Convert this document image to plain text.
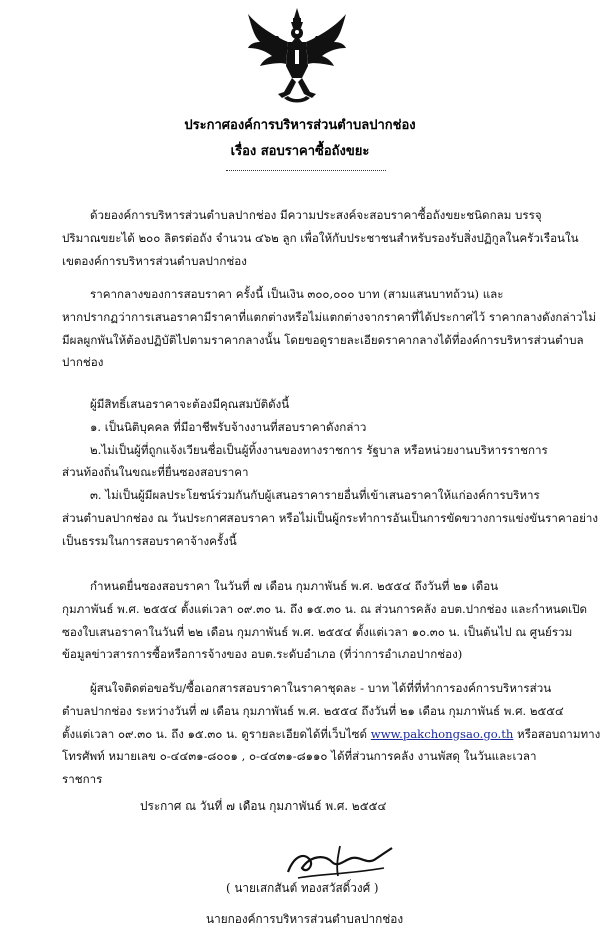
ประกาศองค์การบริหารส่วนตำบลปากช่อง
เรื่อง สอบราคาซื้อถังขยะ
ด้วยองค์การบริหารส่วนตำบลปากช่อง มีความประสงค์จะสอบราคาซื้อถังขยะชนิดกลม บรรจุ
ปริมาณขยะได้ ๒๐๐ ลิตรต่อถัง จำนวน ๔๖๒ ลูก เพื่อให้กับประชาชนสำหรับรองรับสิ่งปฏิกูลในครัวเรือนใน
เขตองค์การบริหารส่วนตำบลปากช่อง
ราคากลางของการสอบราคา ครั้งนี้ เป็นเงิน ๓๐๐,๐๐๐ บาท (สามแสนบาทถ้วน) และ
หากปรากฏว่าการเสนอราคามีราคาที่แตกต่างหรือไม่แตกต่างจากราคาที่ได้ประกาศไว้ ราคากลางดังกล่าวไม่
มีผลผูกพันให้ต้องปฏิบัติไปตามราคากลางนั้น โดยขอดูรายละเอียดราคากลางได้ที่องค์การบริหารส่วนตำบล
ปากช่อง
ผู้มีสิทธิ์เสนอราคาจะต้องมีคุณสมบัติดังนี้
๑. เป็นนิติบุคคล ที่มีอาชีพรับจ้างงานที่สอบราคาดังกล่าว
๒.ไม่เป็นผู้ที่ถูกแจ้งเวียนชื่อเป็นผู้ทิ้งงานของทางราชการ รัฐบาล หรือหน่วยงานบริหารราชการ
ส่วนท้องถิ่นในขณะที่ยื่นซองสอบราคา
๓. ไม่เป็นผู้มีผลประโยชน์ร่วมกันกับผู้เสนอราคารายอื่นที่เข้าเสนอราคาให้แก่องค์การบริหาร
ส่วนตำบลปากช่อง ณ วันประกาศสอบราคา หรือไม่เป็นผู้กระทำการอันเป็นการขัดขวางการแข่งขันราคาอย่าง
เป็นธรรมในการสอบราคาจ้างครั้งนี้
กำหนดยื่นซองสอบราคา ในวันที่ ๗ เดือน กุมภาพันธ์ พ.ศ. ๒๕๕๔ ถึงวันที่ ๒๑ เดือน
กุมภาพันธ์ พ.ศ. ๒๕๕๔ ตั้งแต่เวลา ๐๙.๓๐ น. ถึง ๑๕.๓๐ น. ณ ส่วนการคลัง อบต.ปากช่อง และกำหนดเปิด
ซองใบเสนอราคาในวันที่ ๒๒ เดือน กุมภาพันธ์ พ.ศ. ๒๕๕๔ ตั้งแต่เวลา ๑๐.๓๐ น. เป็นต้นไป ณ ศูนย์รวม
ข้อมูลข่าวสารการซื้อหรือการจ้างของ อบต.ระดับอำเภอ (ที่ว่าการอำเภอปากช่อง)
ผู้สนใจติดต่อขอรับ/ซื้อเอกสารสอบราคาในราคาชุดละ - บาท ได้ที่ที่ทำการองค์การบริหารส่วน
ตำบลปากช่อง ระหว่างวันที่ ๗ เดือน กุมภาพันธ์ พ.ศ. ๒๕๕๔ ถึงวันที่ ๒๑ เดือน กุมภาพันธ์ พ.ศ. ๒๕๕๔
ตั้งแต่เวลา ๐๙.๓๐ น. ถึง ๑๕.๓๐ น. ดูรายละเอียดได้ที่เว็บไซด์ www.pakchongsao.go.th หรือสอบถามทาง
โทรศัพท์ หมายเลข ๐-๔๔๓๑-๘๐๐๑ , ๐-๔๔๓๑-๘๑๑๐ ได้ที่ส่วนการคลัง งานพัสดุ ในวันและเวลา
ราชการ
ประกาศ ณ วันที่ ๗ เดือน กุมภาพันธ์ พ.ศ. ๒๕๕๔
( นายเสกสันต์ ทองสวัสดิ์วงศ์ )
นายกองค์การบริหารส่วนตำบลปากช่อง
